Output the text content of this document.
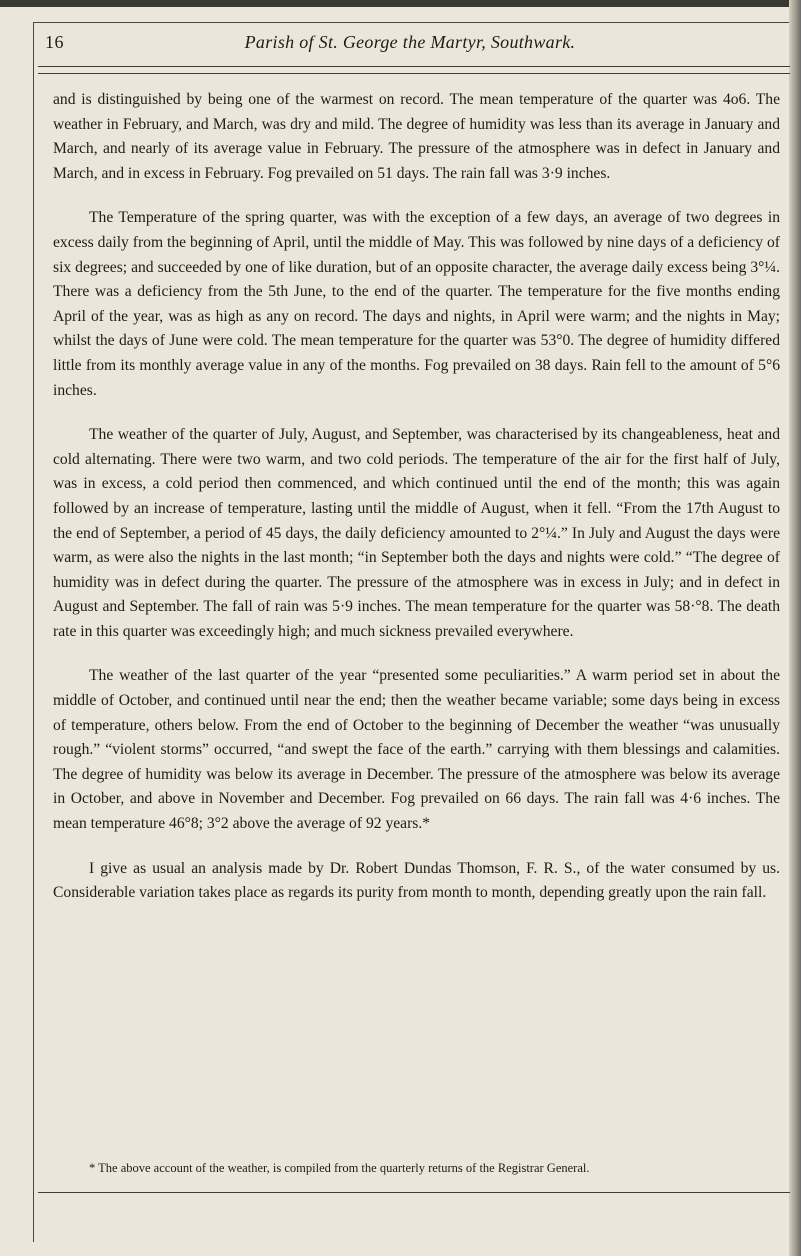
16	Parish of St. George the Martyr, Southwark.

and is distinguished by being one of the warmest on record. The mean temperature of the quarter was 4o6. The weather in February, and March, was dry and mild. The degree of humidity was less than its average in January and March, and nearly of its average value in February. The pressure of the atmosphere was in defect in January and March, and in excess in February. Fog prevailed on 51 days. The rain fall was 3·9 inches.

The Temperature of the spring quarter, was with the exception of a few days, an average of two degrees in excess daily from the beginning of April, until the middle of May. This was followed by nine days of a deficiency of six degrees; and succeeded by one of like duration, but of an opposite character, the average daily excess being 3°¼. There was a deficiency from the 5th June, to the end of the quarter. The temperature for the five months ending April of the year, was as high as any on record. The days and nights, in April were warm; and the nights in May; whilst the days of June were cold. The mean temperature for the quarter was 53°0. The degree of humidity differed little from its monthly average value in any of the months. Fog prevailed on 38 days. Rain fell to the amount of 5°6 inches.

The weather of the quarter of July, August, and September, was characterised by its changeableness, heat and cold alternating. There were two warm, and two cold periods. The temperature of the air for the first half of July, was in excess, a cold period then commenced, and which continued until the end of the month; this was again followed by an increase of temperature, lasting until the middle of August, when it fell. “From the 17th August to the end of September, a period of 45 days, the daily deficiency amounted to 2°¼.” In July and August the days were warm, as were also the nights in the last month; “in September both the days and nights were cold.” “The degree of humidity was in defect during the quarter. The pressure of the atmosphere was in excess in July; and in defect in August and September. The fall of rain was 5·9 inches. The mean temperature for the quarter was 58·°8. The death rate in this quarter was exceedingly high; and much sickness prevailed everywhere.

The weather of the last quarter of the year “presented some peculiarities.” A warm period set in about the middle of October, and continued until near the end; then the weather became variable; some days being in excess of temperature, others below. From the end of October to the beginning of December the weather “was unusually rough.” “violent storms” occurred, “and swept the face of the earth.” carrying with them blessings and calamities. The degree of humidity was below its average in December. The pressure of the atmosphere was below its average in October, and above in November and December. Fog prevailed on 66 days. The rain fall was 4·6 inches. The mean temperature 46°8; 3°2 above the average of 92 years.*

I give as usual an analysis made by Dr. Robert Dundas Thomson, F. R. S., of the water consumed by us. Considerable variation takes place as regards its purity from month to month, depending greatly upon the rain fall.

* The above account of the weather, is compiled from the quarterly returns of the Registrar General.
